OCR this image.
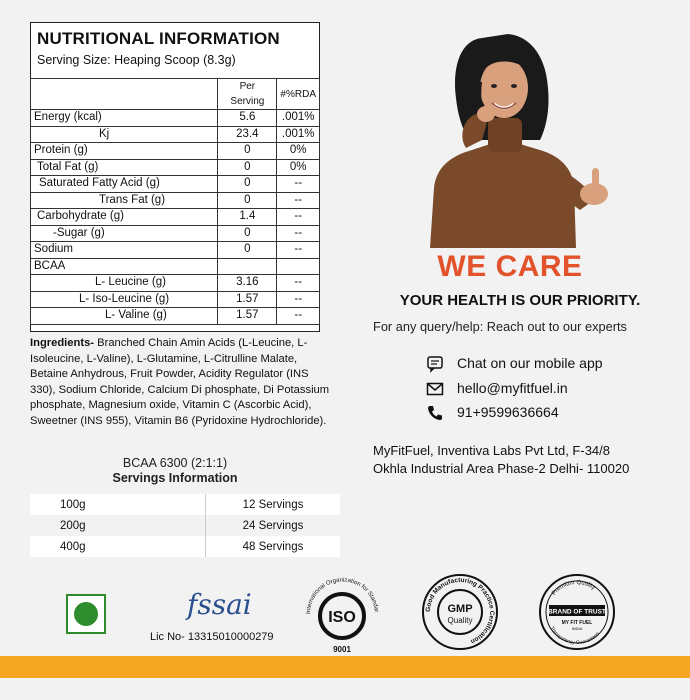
NUTRITIONAL INFORMATION
Serving Size: Heaping Scoop (8.3g)
	Per Serving	#%RDA
Energy (kcal)	5.6	.001%
Kj	23.4	.001%
Protein (g)	0	0%
Total Fat (g)	0	0%
Saturated Fatty Acid (g)	0	--
Trans Fat (g)	0	--
Carbohydrate (g)	1.4	--
-Sugar (g)	0	--
Sodium	0	--
BCAA		
L- Leucine (g)	3.16	--
L- Iso-Leucine (g)	1.57	--
L- Valine (g)	1.57	--
Ingredients- Branched Chain Amin Acids (L-Leucine, L-Isoleucine, L-Valine), L-Glutamine, L-Citrulline Malate, Betaine Anhydrous, Fruit Powder, Acidity Regulator (INS 330), Sodium Chloride, Calcium Di phosphate, Di Potassium phosphate, Magnesium oxide, Vitamin C (Ascorbic Acid), Sweetner (INS 955), Vitamin B6 (Pyridoxine Hydrochloride).
BCAA 6300 (2:1:1)
Servings Information
100g	12 Servings
200g	24 Servings
400g	48 Servings
WE CARE
YOUR HEALTH IS OUR PRIORITY.
For any query/help: Reach out to our experts
Chat on our mobile app
hello@myfitfuel.in
91+9599636664
MyFitFuel, Inventiva Labs Pvt Ltd, F-34/8
Okhla Industrial Area Phase-2 Delhi- 110020
fssai
Lic No- 13315010000279
International Organization for Standar
ISO
9001
Good Manufacturing Practice Certification
GMP
Quality
Premium Quality
BRAND OF TRUST
MY FIT FUEL
INDIA
Transparency Guaranteed
